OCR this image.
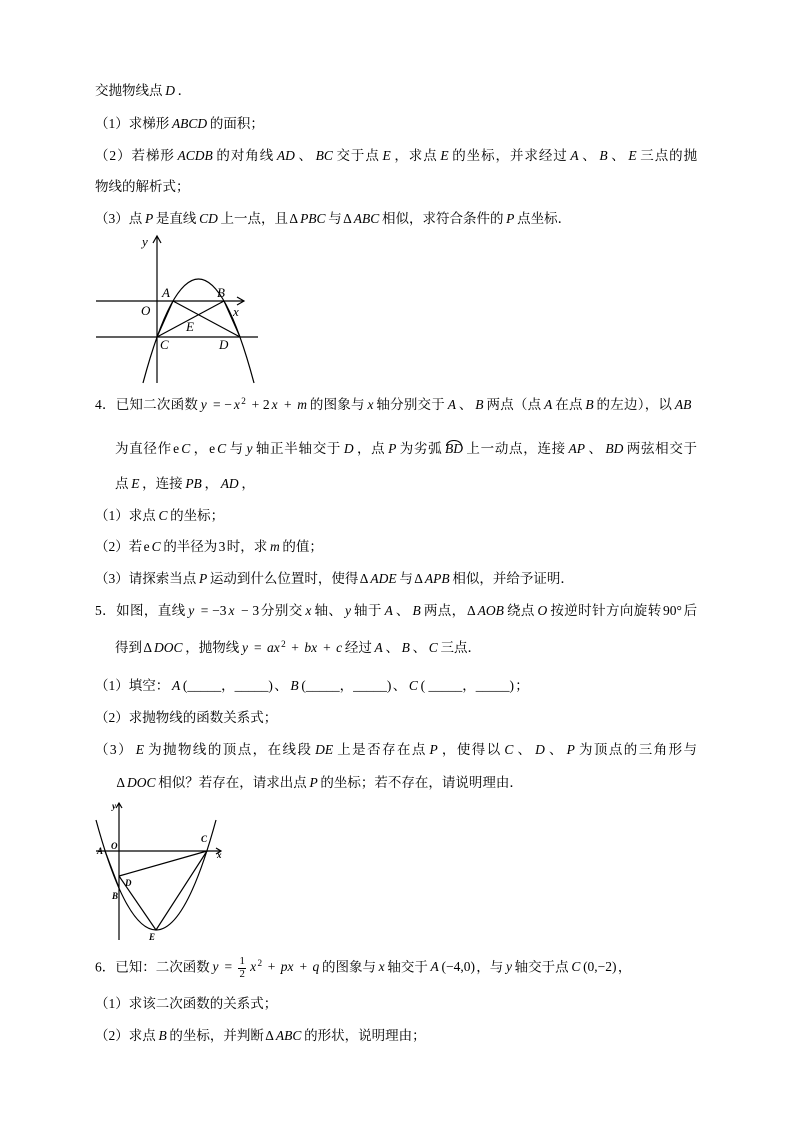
交抛物线点 D ．
（1）求梯形 ABCD 的面积；
（2）若梯形 ACDB 的对角线 AD 、 BC 交于点 E ，求点 E 的坐标，并求经过 A 、 B 、 E 三点的抛
物线的解析式；
（3）点 P 是直线 CD 上一点，且Δ PBC 与Δ ABC 相似，求符合条件的 P 点坐标．
y
A	B
O	x
E
C	D
4．已知二次函数 y = − $x^2 + 2$ x + m 的图象与 x 轴分别交于 A 、 B 两点（点 A 在点 B 的左边），以 AB
为直径作e C ，e C 与 y 轴正半轴交于 D ，点 P 为劣弧 BD 上一动点，连接 AP 、 BD 两弦相交于
点 E ，连接 PB ， AD ，
（1）求点 C 的坐标；
（2）若e C 的半径为3时，求 m 的值；
（3）请探索当点 P 运动到什么位置时，使得Δ ADE 与Δ APB 相似，并给予证明．
5．如图，直线 y = −3 x − 3分别交 x 轴、 y 轴于 A 、 B 两点，Δ AOB 绕点 O 按逆时针方向旋转90°后
得到Δ DOC ，抛物线 $y = ax^2$ + bx + c 经过 A 、 B 、 C 三点．
（1）填空： A (_____，_____)、 B (_____，_____)、 C ( _____，_____)；
（2）求抛物线的函数关系式；
（3） E 为抛物线的顶点，在线段 DE 上是否存在点 P ，使得以 C 、 D 、 P 为顶点的三角形与
Δ DOC 相似？若存在，请求出点 P 的坐标；若不存在，请说明理由．
y
x
O
A
C
D
B
E
6．已知：二次函数 $y = \frac{1}{2} x^2$ + px + q 的图象与 x 轴交于 A (−4,0)，与 y 轴交于点 C (0,−2)，
（1）求该二次函数的关系式；
（2）求点 B 的坐标，并判断Δ ABC 的形状，说明理由；
